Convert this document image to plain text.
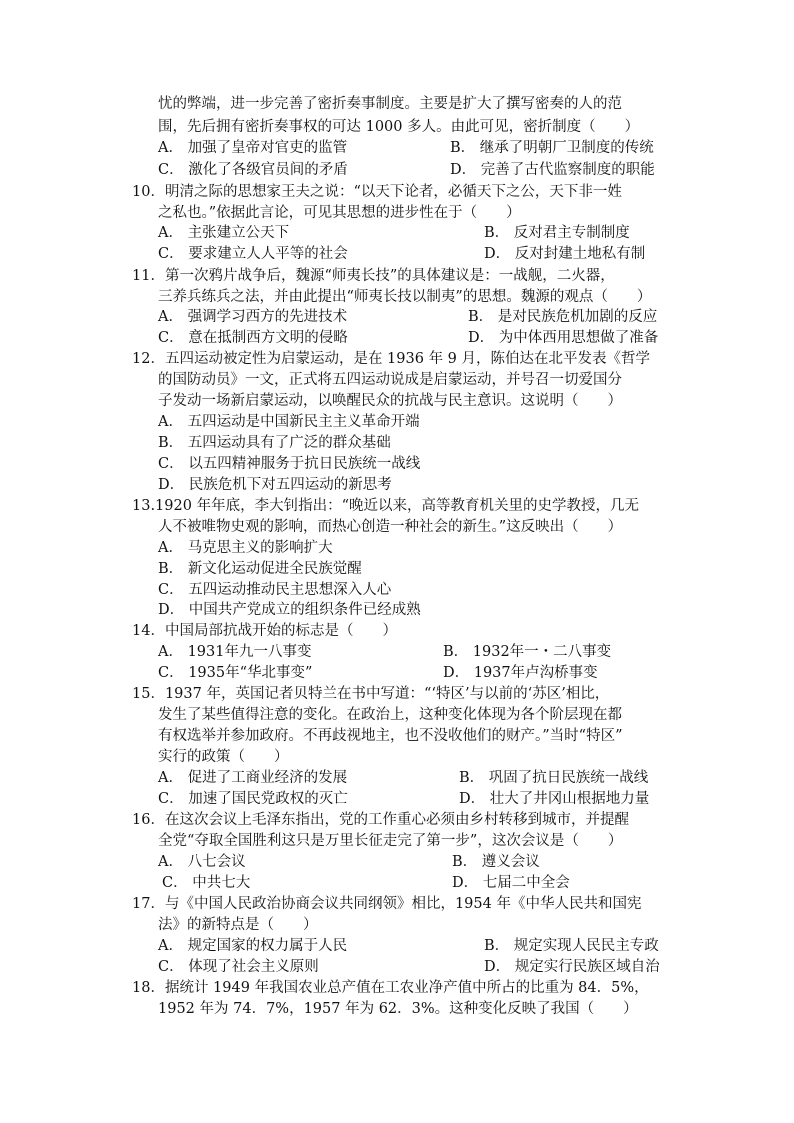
忧的弊端，进一步完善了密折奏事制度。主要是扩大了撰写密奏的人的范
围，先后拥有密折奏事权的可达 1000 多人。由此可见，密折制度（　　）
A． 加强了皇帝对官吏的监管	B． 继承了明朝厂卫制度的传统
C． 激化了各级官员间的矛盾	D． 完善了古代监察制度的职能
10．明清之际的思想家王夫之说：“以天下论者，必循天下之公，天下非一姓
之私也。”依据此言论，可见其思想的进步性在于（　　）
A． 主张建立公天下	B． 反对君主专制制度
C． 要求建立人人平等的社会	D． 反对封建土地私有制
11．第一次鸦片战争后，魏源“师夷长技”的具体建议是：一战舰，二火器，
三养兵练兵之法，并由此提出“师夷长技以制夷”的思想。魏源的观点（　　）
A． 强调学习西方的先进技术	B． 是对民族危机加剧的反应
C． 意在抵制西方文明的侵略	D． 为中体西用思想做了准备
12．五四运动被定性为启蒙运动，是在 1936 年 9 月，陈伯达在北平发表《哲学
的国防动员》一文，正式将五四运动说成是启蒙运动，并号召一切爱国分
子发动一场新启蒙运动，以唤醒民众的抗战与民主意识。这说明（　　）
A． 五四运动是中国新民主主义革命开端
B． 五四运动具有了广泛的群众基础
C． 以五四精神服务于抗日民族统一战线
D． 民族危机下对五四运动的新思考
13.1920 年年底，李大钊指出：“晚近以来，高等教育机关里的史学教授，几无
人不被唯物史观的影响，而热心创造一种社会的新生。”这反映出（　　）
A． 马克思主义的影响扩大
B． 新文化运动促进全民族觉醒
C． 五四运动推动民主思想深入人心
D． 中国共产党成立的组织条件已经成熟
14．中国局部抗战开始的标志是（　　）
A． 1931年九一八事变	B． 1932年一・二八事变
C． 1935年“华北事变”	D． 1937年卢沟桥事变
15．1937 年，英国记者贝特兰在书中写道：“‘特区’与以前的‘苏区’相比，
发生了某些值得注意的变化。在政治上，这种变化体现为各个阶层现在都
有权选举并参加政府。不再歧视地主，也不没收他们的财产。”当时“特区”
实行的政策（　　）
A． 促进了工商业经济的发展	B． 巩固了抗日民族统一战线
C． 加速了国民党政权的灭亡	D． 壮大了井冈山根据地力量
16．在这次会议上毛泽东指出，党的工作重心必须由乡村转移到城市，并提醒
全党“夺取全国胜利这只是万里长征走完了第一步”，这次会议是（　　）
A． 八七会议	B． 遵义会议
C． 中共七大	D． 七届二中全会
17．与《中国人民政治协商会议共同纲领》相比，1954 年《中华人民共和国宪
法》的新特点是（　　）
A． 规定国家的权力属于人民	B． 规定实现人民民主专政
C． 体现了社会主义原则	D． 规定实行民族区域自治
18．据统计 1949 年我国农业总产值在工农业净产值中所占的比重为 84．5%，
1952 年为 74．7%，1957 年为 62．3%。这种变化反映了我国（　　）
